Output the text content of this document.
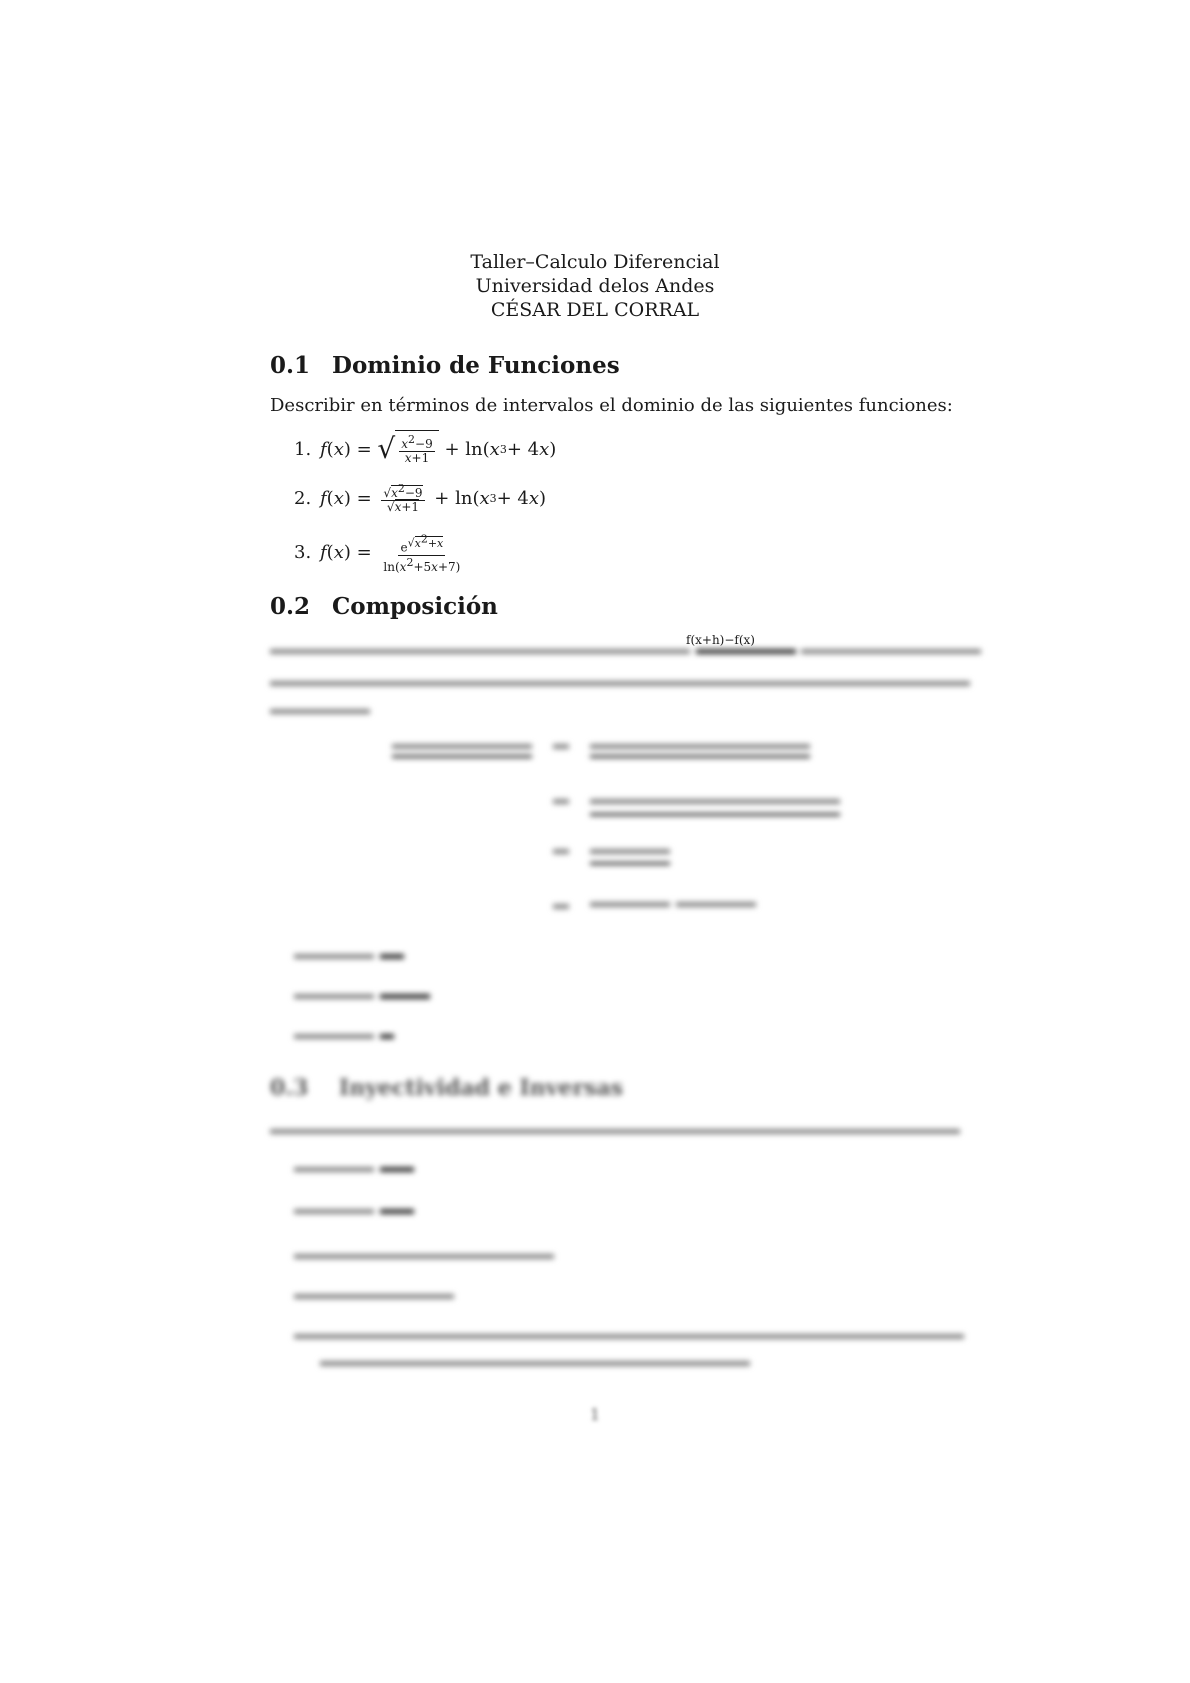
Taller–Calculo Diferencial
Universidad delos Andes
CÉSAR DEL CORRAL
0.1 Dominio de Funciones
Describir en términos de intervalos el dominio de las siguientes funciones:
1. f ( x ) = √ $\frac{x^2-9}{x+1} + \ln$( x 3 + 4 x )
2. f ( x ) = $\frac{√x^2-9}{√x+1} + \ln$( x 3 + 4 x )
3. f ( x ) = $\frac{e^{√x^2+x}}{\ln(x^2+5x+7)}$
0.2 Composición
f(x+h)−f(x)

0.3 Inyectividad e Inversas

1
